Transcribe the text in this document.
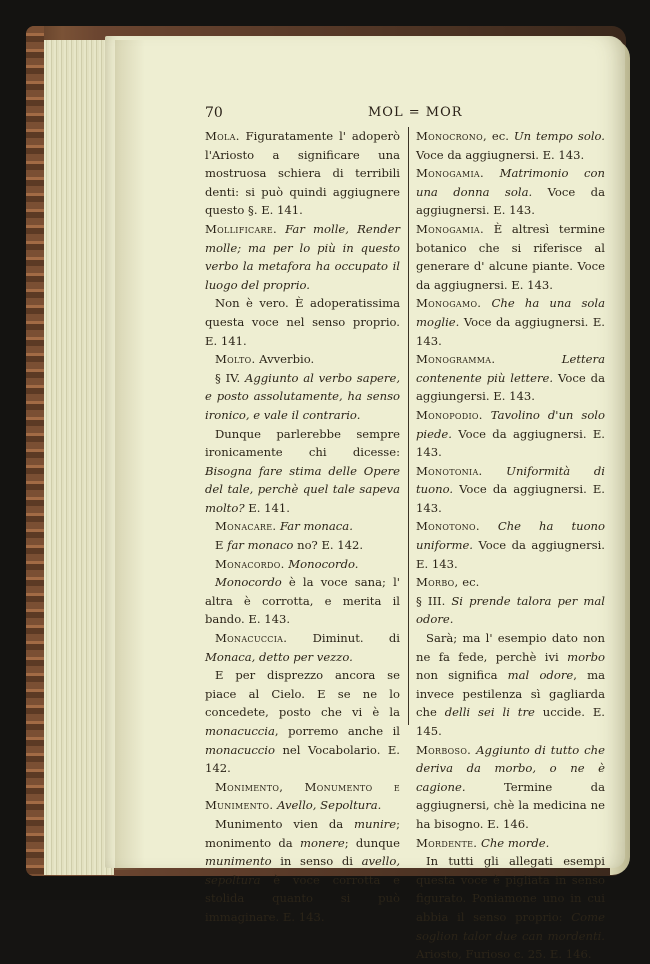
70	MOL = MOR

Mola. Figuratamente l' adoperò l'Ariosto a significare una mostruosa schiera di terribili denti: si può quindi aggiugnere questo §. E. 141.

Mollificare. Far molle, Render molle; ma per lo più in questo verbo la metafora ha occupato il luogo del proprio.

Non è vero. È adoperatissima questa voce nel senso proprio. E. 141.

Molto. Avverbio.

§ IV. Aggiunto al verbo sapere, e posto assolutamente, ha senso ironico, e vale il contrario.

Dunque parlerebbe sempre ironicamente chi dicesse: Bisogna fare stima delle Opere del tale, perchè quel tale sapeva molto? E. 141.

Monacare. Far monaca.

E far monaco no? E. 142.

Monacordo. Monocordo.

Monocordo è la voce sana; l' altra è corrotta, e merita il bando. E. 143.

Monacuccia. Diminut. di Monaca, detto per vezzo.

E per disprezzo ancora se piace al Cielo. E se ne lo concedete, posto che vi è la monacuccia, porremo anche il monacuccio nel Vocabolario. E. 142.

Monimento, Monumento e Munimento. Avello, Sepoltura.

Munimento vien da munire; monimento da monere; dunque munimento in senso di avello, sepoltura è voce corrotta e stolida quanto si può immaginare. E. 143.

Monocrono, ec. Un tempo solo. Voce da aggiugnersi. E. 143.

Monogamia. Matrimonio con una donna sola. Voce da aggiugnersi. E. 143.

Monogamia. È altresì termine botanico che si riferisce al generare d' alcune piante. Voce da aggiugnersi. E. 143.

Monogamo. Che ha una sola moglie. Voce da aggiugnersi. E. 143.

Monogramma.	Lettera contenente più lettere. Voce da aggiungersi. E. 143.

Monopodio. Tavolino d'un solo piede. Voce da aggiugnersi. E. 143.

Monotonia. Uniformità di tuono. Voce da aggiugnersi. E. 143.

Monotono. Che ha tuono uniforme. Voce da aggiugnersi. E. 143.

Morbo, ec.

§ III. Si prende talora per mal odore.

Sarà; ma l' esempio dato non ne fa fede, perchè ivi morbo non significa mal odore, ma invece pestilenza sì gagliarda che delli sei li tre uccide. E. 145.

Morboso. Aggiunto di tutto che deriva da morbo, o ne è cagione. Termine da aggiugnersi, chè la medicina ne ha bisogno. E. 146.

Mordente. Che morde.

In tutti gli allegati esempi questa voce è pigliata in senso figurato. Poniamone uno in cui abbia il senso proprio: Come soglion talor due can mordenti. Ariosto, Furioso c. 25. E. 146.
